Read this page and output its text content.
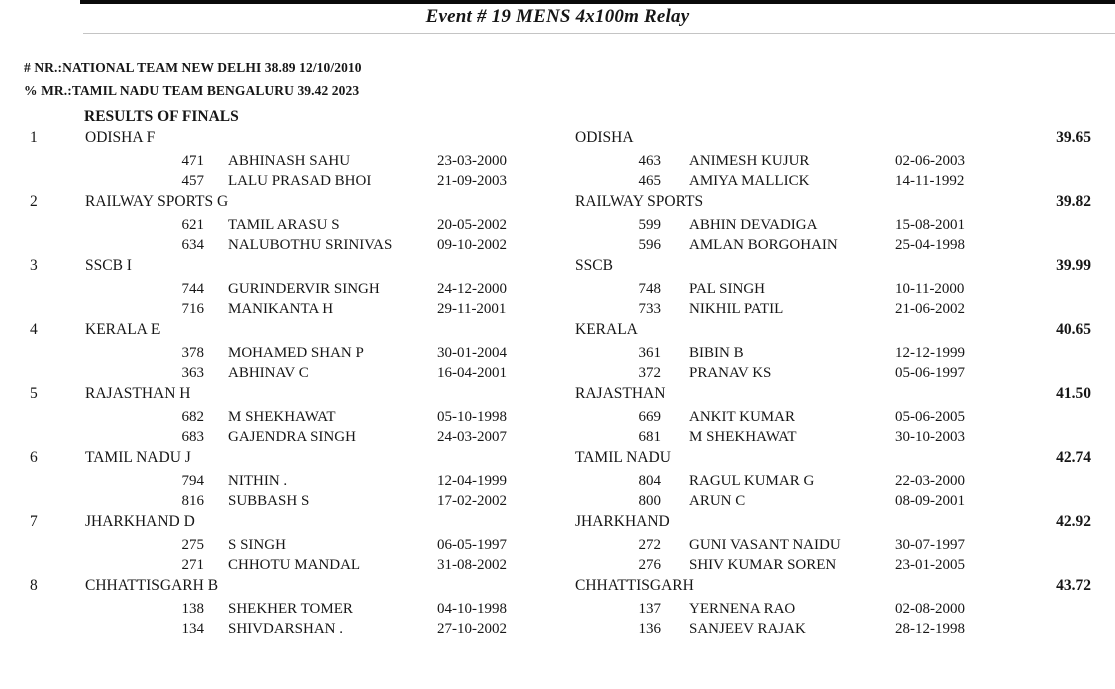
Event # 19 MENS 4x100m Relay
# NR.:NATIONAL TEAM NEW DELHI 38.89 12/10/2010
% MR.:TAMIL NADU TEAM BENGALURU 39.42 2023
RESULTS OF FINALS
1	ODISHA F	ODISHA	39.65
471 ABHINASH SAHU	23-03-2000	463 ANIMESH KUJUR	02-06-2003
457 LALU PRASAD BHOI	21-09-2003	465 AMIYA MALLICK	14-11-1992
2	RAILWAY SPORTS G	RAILWAY SPORTS	39.82
621 TAMIL ARASU S	20-05-2002	599 ABHIN DEVADIGA	15-08-2001
634 NALUBOTHU SRINIVAS	09-10-2002	596 AMLAN BORGOHAIN	25-04-1998
3	SSCB I	SSCB	39.99
744 GURINDERVIR SINGH	24-12-2000	748 PAL SINGH	10-11-2000
716 MANIKANTA H	29-11-2001	733 NIKHIL PATIL	21-06-2002
4	KERALA E	KERALA	40.65
378 MOHAMED SHAN P	30-01-2004	361 BIBIN B	12-12-1999
363 ABHINAV C	16-04-2001	372 PRANAV KS	05-06-1997
5	RAJASTHAN H	RAJASTHAN	41.50
682 M SHEKHAWAT	05-10-1998	669 ANKIT KUMAR	05-06-2005
683 GAJENDRA SINGH	24-03-2007	681 M SHEKHAWAT	30-10-2003
6	TAMIL NADU J	TAMIL NADU	42.74
794 NITHIN .	12-04-1999	804 RAGUL KUMAR G	22-03-2000
816 SUBBASH S	17-02-2002	800 ARUN C	08-09-2001
7	JHARKHAND D	JHARKHAND	42.92
275 S SINGH	06-05-1997	272 GUNI VASANT NAIDU	30-07-1997
271 CHHOTU MANDAL	31-08-2002	276 SHIV KUMAR SOREN	23-01-2005
8	CHHATTISGARH B	CHHATTISGARH	43.72
138 SHEKHER TOMER	04-10-1998	137 YERNENA RAO	02-08-2000
134 SHIVDARSHAN .	27-10-2002	136 SANJEEV RAJAK	28-12-1998
